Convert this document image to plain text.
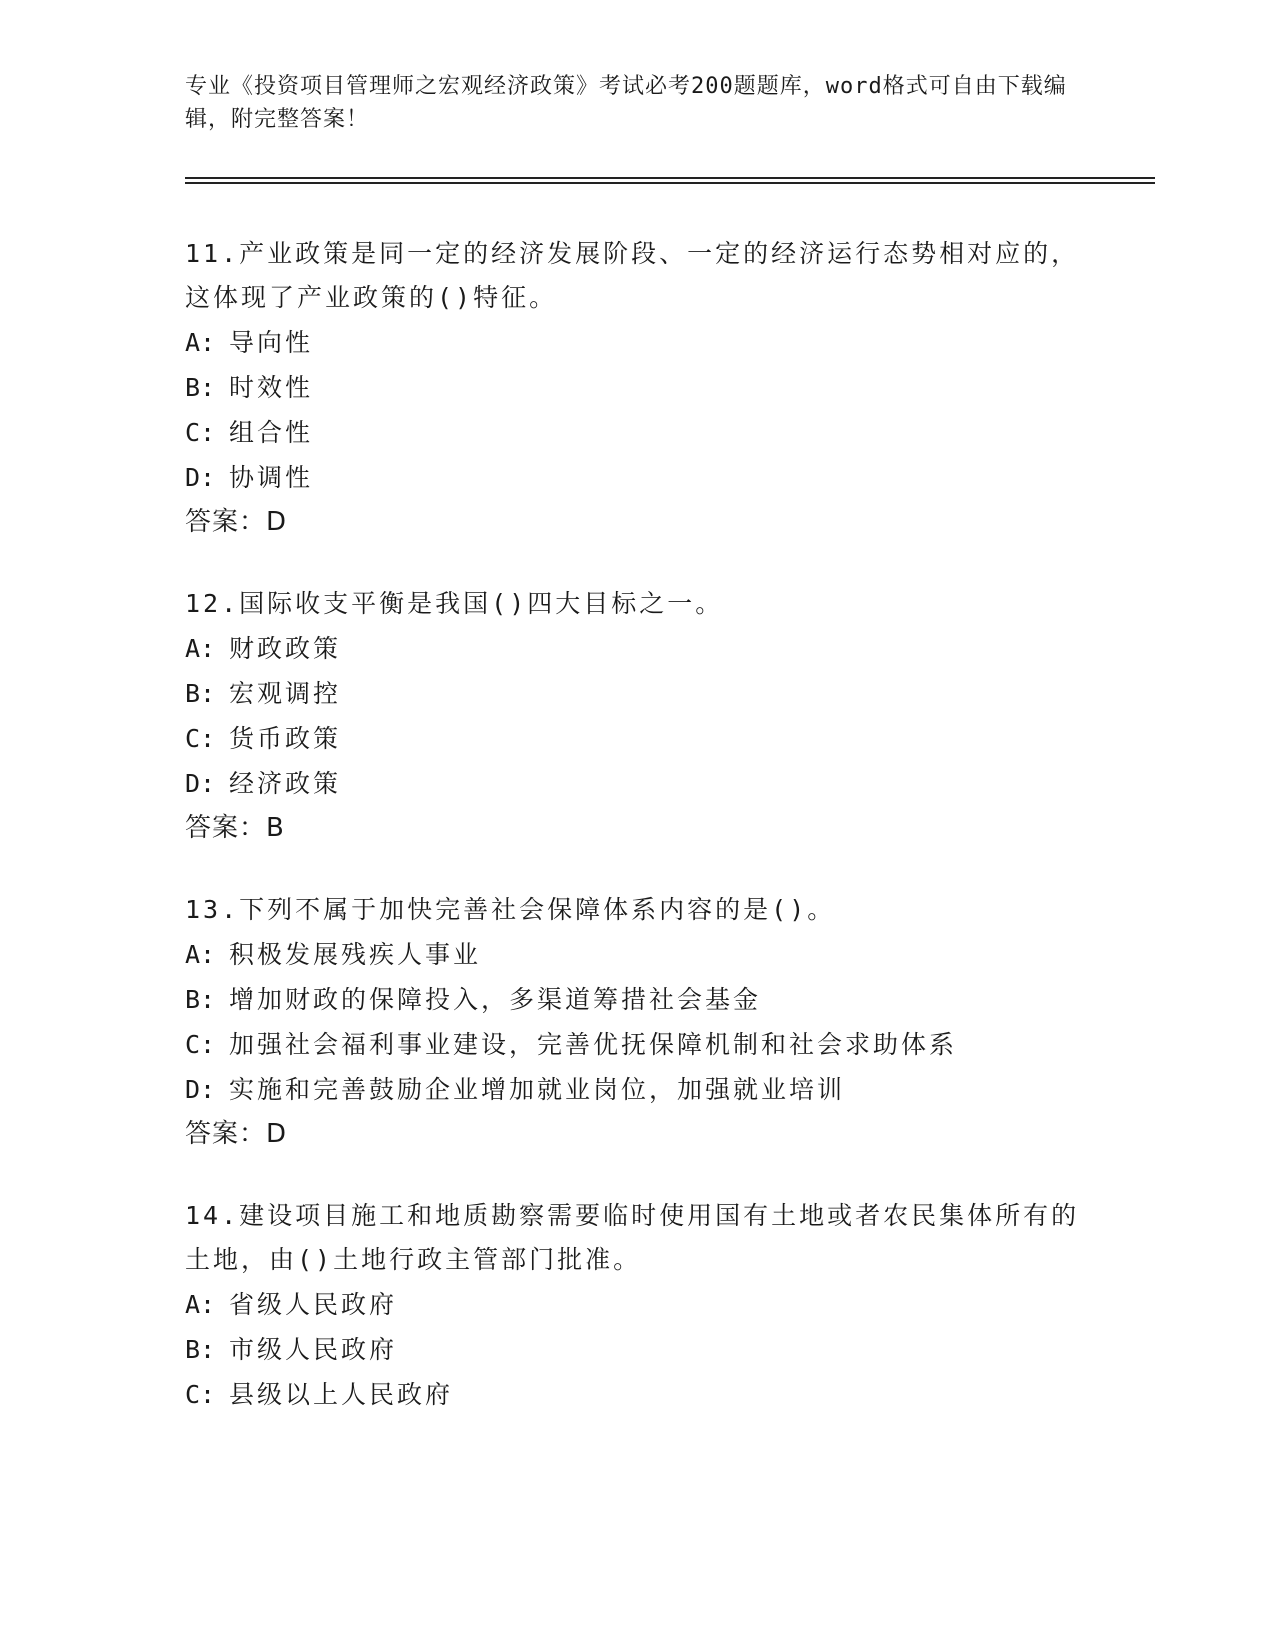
专业《投资项目管理师之宏观经济政策》考试必考200题题库，word格式可自由下载编辑，附完整答案！
11.产业政策是同一定的经济发展阶段、一定的经济运行态势相对应的，这体现了产业政策的()特征。
A: 导向性
B: 时效性
C: 组合性
D: 协调性
答案：D
12.国际收支平衡是我国()四大目标之一。
A: 财政政策
B: 宏观调控
C: 货币政策
D: 经济政策
答案：B
13.下列不属于加快完善社会保障体系内容的是()。
A: 积极发展残疾人事业
B: 增加财政的保障投入，多渠道筹措社会基金
C: 加强社会福利事业建设，完善优抚保障机制和社会求助体系
D: 实施和完善鼓励企业增加就业岗位，加强就业培训
答案：D
14.建设项目施工和地质勘察需要临时使用国有土地或者农民集体所有的土地，由()土地行政主管部门批准。
A: 省级人民政府
B: 市级人民政府
C: 县级以上人民政府
